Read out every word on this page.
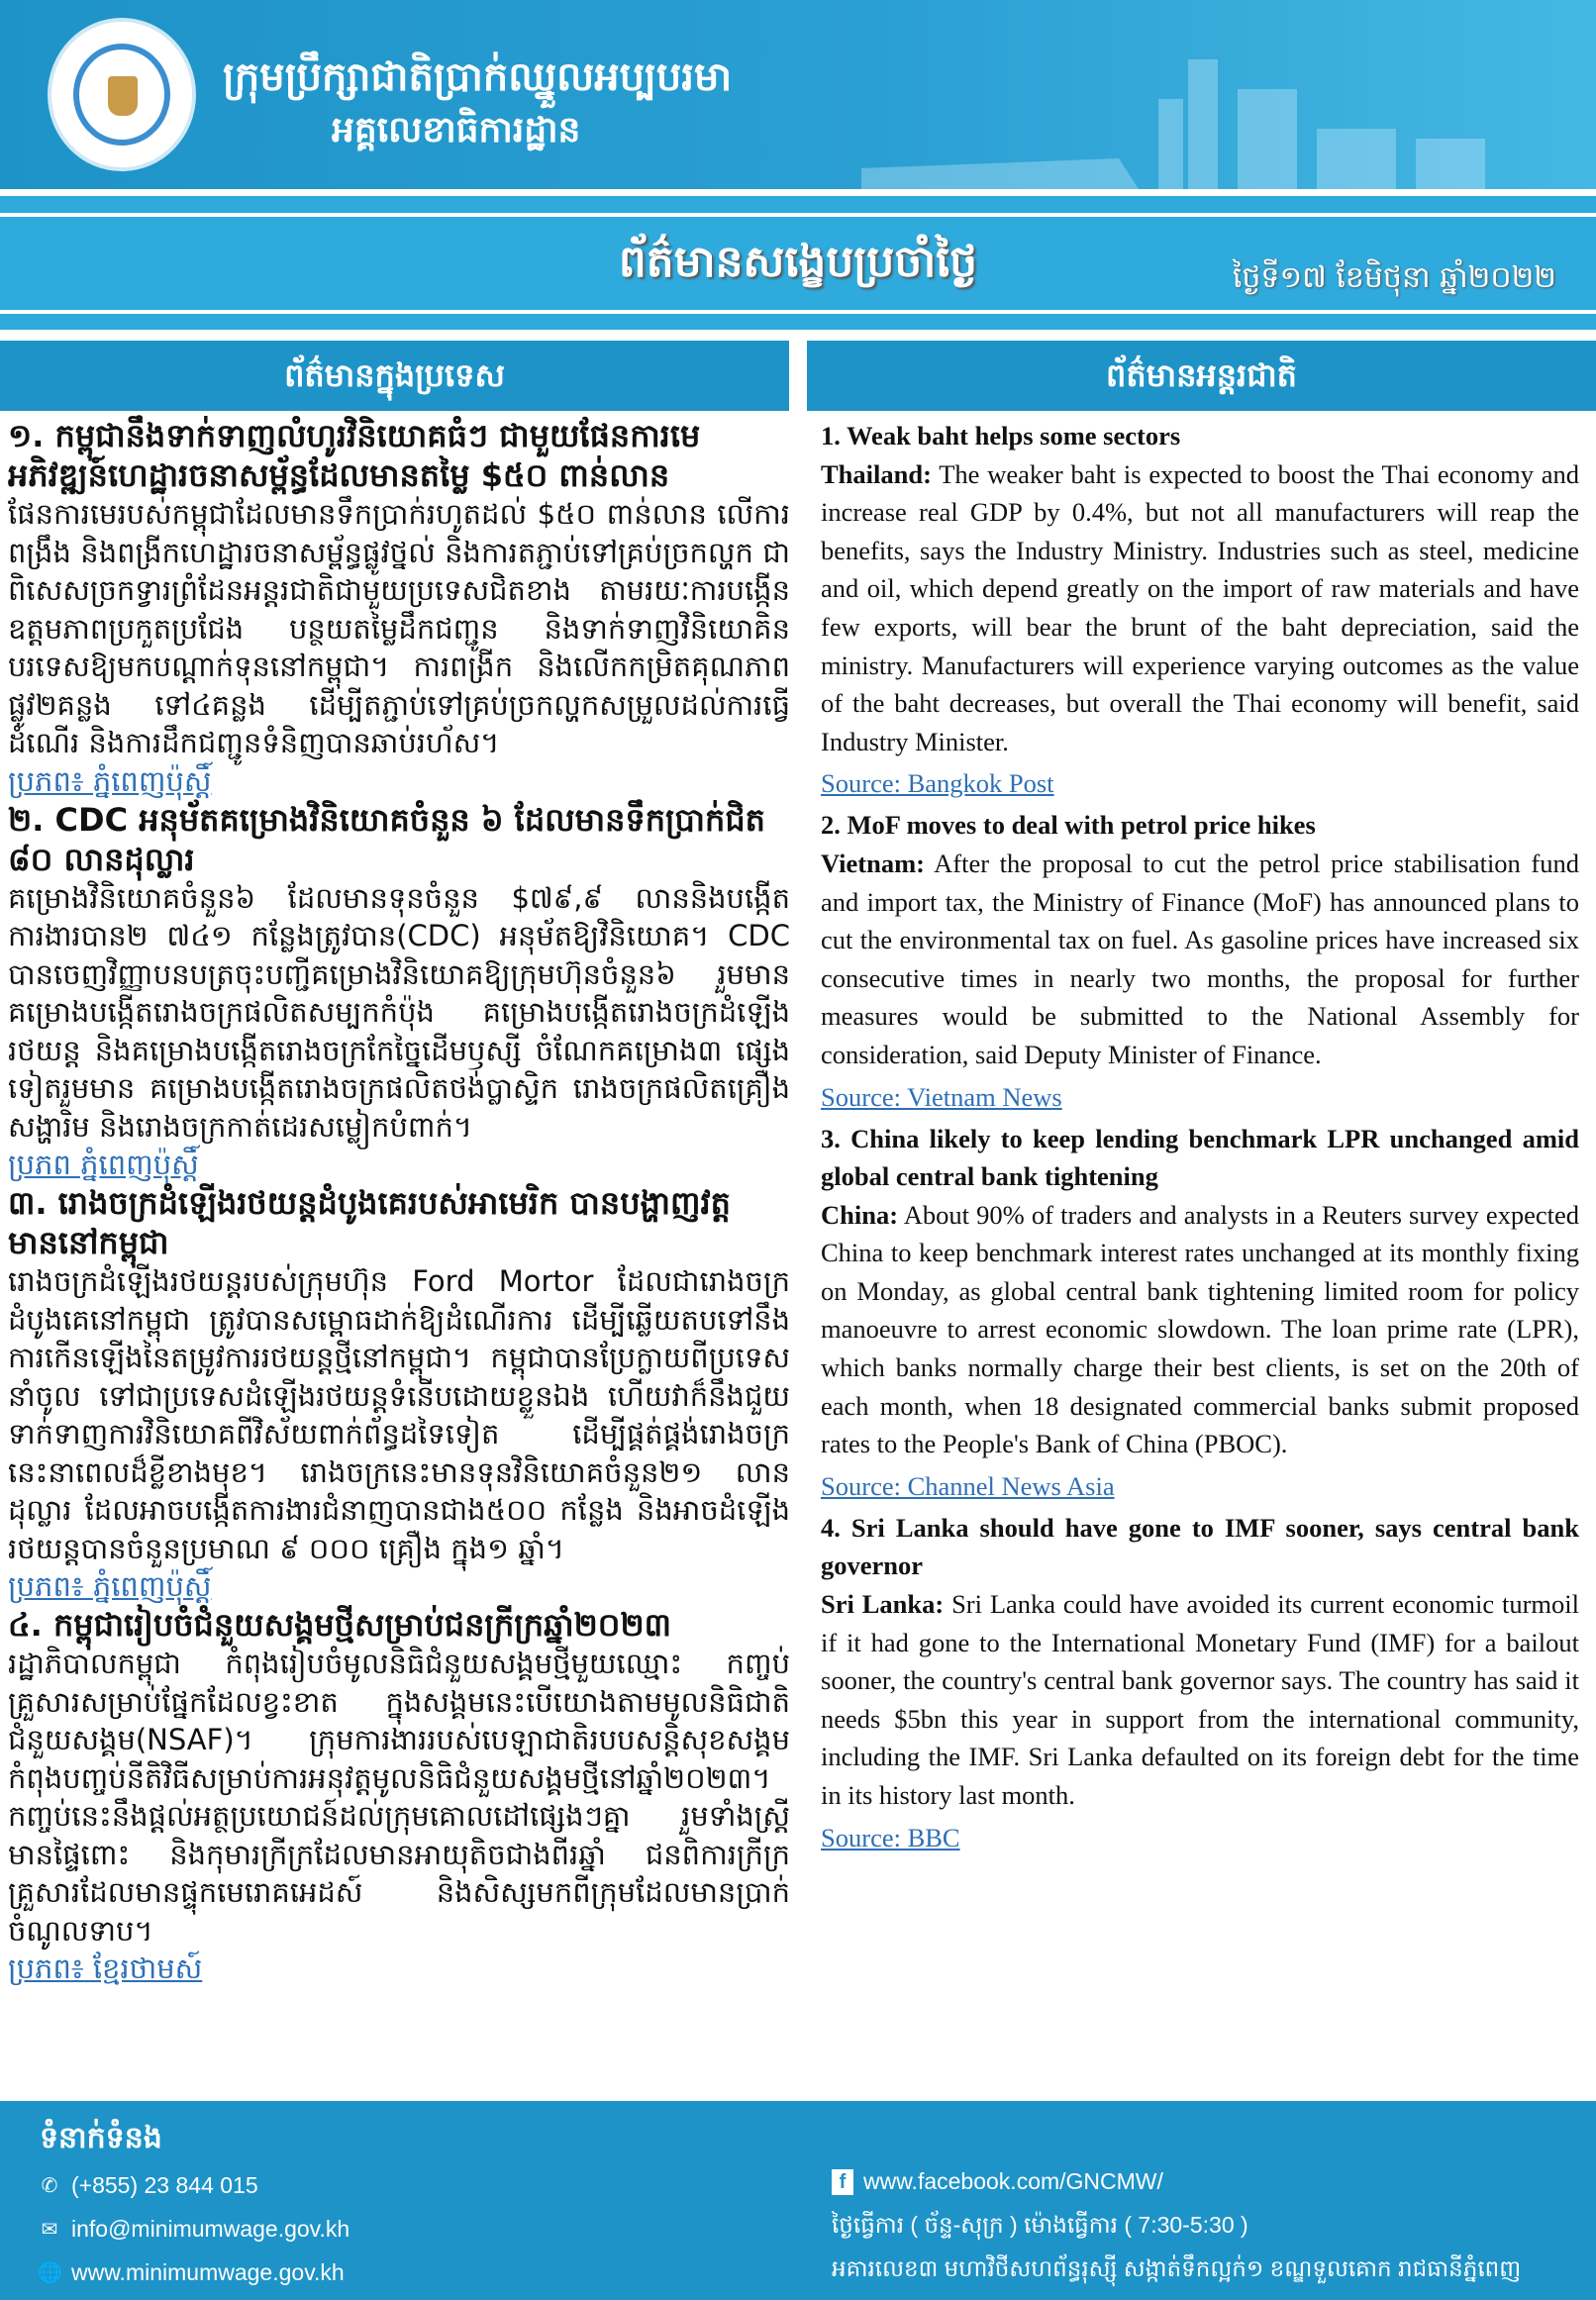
ក្រុមប្រឹក្សាជាតិប្រាក់ឈ្នួលអប្បបរមា
អគ្គលេខាធិការដ្ឋាន
ព័ត៌មានសង្ខេបប្រចាំថ្ងៃ	ថ្ងៃទី១៧ ខែមិថុនា ឆ្នាំ២០២២
ព័ត៌មានក្នុងប្រទេស	ព័ត៌មានអន្តរជាតិ
១. កម្ពុជានឹងទាក់ទាញលំហូរវិនិយោគធំៗ ជាមួយផែនការមេអភិវឌ្ឍន៍ហេដ្ឋារចនាសម្ព័ន្ធដែលមានតម្លៃ $៥០ ពាន់លាន

ផែនការមេរបស់កម្ពុជាដែលមានទឹកប្រាក់រហូតដល់ $៥០ ពាន់លាន លើការពង្រឹង និងពង្រីកហេដ្ឋារចនាសម្ព័ន្ធផ្លូវថ្នល់ និងការតភ្ជាប់ទៅគ្រប់ច្រកល្ហក ជាពិសេសច្រកទ្វារព្រំដែនអន្តរជាតិជាមួយប្រទេសជិតខាង តាមរយៈការបង្កើនឧត្តមភាពប្រកួតប្រជែង បន្ថយតម្លៃដឹកជញ្ជូន និងទាក់ទាញវិនិយោគិនបរទេសឱ្យមកបណ្តាក់ទុននៅកម្ពុជា។ ការពង្រីក និងលើកកម្រិតគុណភាពផ្លូវ២គន្លង ទៅ៤គន្លង ដើម្បីតភ្ជាប់ទៅគ្រប់ច្រកល្ហកសម្រួលដល់ការធ្វើដំណើរ និងការដឹកជញ្ជូនទំនិញបានឆាប់រហ័ស។

ប្រភព៖ ភ្នំពេញប៉ុស្តិ៍
២. CDC អនុម័តគម្រោងវិនិយោគចំនួន ៦ ដែលមានទឹកប្រាក់ជិត ៨០ លានដុល្លារ

គម្រោងវិនិយោគចំនួន៦ ដែលមានទុនចំនួន $៧៩,៩ លាននិងបង្កើតការងារបាន២ ៧៤១ កន្លែងត្រូវបាន(CDC) អនុម័តឱ្យវិនិយោគ។ CDC បានចេញវិញ្ញាបនបត្រចុះបញ្ជីគម្រោងវិនិយោគឱ្យក្រុមហ៊ុនចំនួន៦ រួមមាន គម្រោងបង្កើតរោងចក្រផលិតសម្បកកំប៉ុង គម្រោងបង្កើតរោងចក្រដំឡើងរថយន្ត និងគម្រោងបង្កើតរោងចក្រកែច្នៃដើមឫស្សី ចំណែកគម្រោង៣ ផ្សេងទៀតរួមមាន គម្រោងបង្កើតរោងចក្រផលិតថង់ប្លាស្ទិក រោងចក្រផលិតគ្រឿងសង្ហារិម និងរោងចក្រកាត់ដេរសម្លៀកបំពាក់។

ប្រភព ភ្នំពេញប៉ុស្តិ៍
៣. រោងចក្រដំឡើងរថយន្តដំបូងគេរបស់អាមេរិក បានបង្ហាញវត្តមាននៅកម្ពុជា

រោងចក្រដំឡើងរថយន្តរបស់ក្រុមហ៊ុន Ford Mortor ដែលជារោងចក្រដំបូងគេនៅកម្ពុជា ត្រូវបានសម្ពោធដាក់ឱ្យដំណើរការ ដើម្បីឆ្លើយតបទៅនឹងការកើនឡើងនៃតម្រូវការរថយន្តថ្មីនៅកម្ពុជា។ កម្ពុជាបានប្រែក្លាយពីប្រទេសនាំចូល ទៅជាប្រទេសដំឡើងរថយន្តទំនើបដោយខ្លួនឯង ហើយវាក៏នឹងជួយទាក់ទាញការវិនិយោគពីវិស័យពាក់ព័ន្ធដទៃទៀត ដើម្បីផ្គត់ផ្គង់រោងចក្រនេះនាពេលដ៏ខ្លីខាងមុខ។ រោងចក្រនេះមានទុនវិនិយោគចំនួន២១ លានដុល្លារ ដែលអាចបង្កើតការងារជំនាញបានជាង៥០០ កន្លែង និងអាចដំឡើងរថយន្តបានចំនួនប្រមាណ ៩ ០០០ គ្រឿង ក្នុង១ ឆ្នាំ។

ប្រភព៖ ភ្នំពេញប៉ុស្តិ៍
៤. កម្ពុជារៀបចំជំនួយសង្គមថ្មីសម្រាប់ជនក្រីក្រឆ្នាំ២០២៣

រដ្ឋាភិបាលកម្ពុជា កំពុងរៀបចំមូលនិធិជំនួយសង្គមថ្មីមួយឈ្មោះ កញ្ចប់គ្រួសារសម្រាប់ផ្នែកដែលខ្វះខាត ក្នុងសង្គមនេះបើយោងតាមមូលនិធិជាតិជំនួយសង្គម(NSAF)។ ក្រុមការងាររបស់បេឡាជាតិរបបសន្តិសុខសង្គម កំពុងបញ្ចប់នីតិវិធីសម្រាប់ការអនុវត្តមូលនិធិជំនួយសង្គមថ្មីនៅឆ្នាំ២០២៣។ កញ្ចប់នេះនឹងផ្តល់អត្ថប្រយោជន៍ដល់ក្រុមគោលដៅផ្សេងៗគ្នា រួមទាំងស្ត្រីមានផ្ទៃពោះ និងកុមារក្រីក្រដែលមានអាយុតិចជាងពីរឆ្នាំ ជនពិការក្រីក្រ គ្រួសារដែលមានផ្ទុកមេរោគអេដស៍ និងសិស្សមកពីក្រុមដែលមានប្រាក់ចំណូលទាប។

ប្រភព៖ ខ្មែរថាមស៍
1. Weak baht helps some sectors

Thailand: The weaker baht is expected to boost the Thai economy and increase real GDP by 0.4%, but not all manufacturers will reap the benefits, says the Industry Ministry. Industries such as steel, medicine and oil, which depend greatly on the import of raw materials and have few exports, will bear the brunt of the baht depreciation, said the ministry. Manufacturers will experience varying outcomes as the value of the baht decreases, but overall the Thai economy will benefit, said Industry Minister.

Source: Bangkok Post
2. MoF moves to deal with petrol price hikes

Vietnam: After the proposal to cut the petrol price stabilisation fund and import tax, the Ministry of Finance (MoF) has announced plans to cut the environmental tax on fuel. As gasoline prices have increased six consecutive times in nearly two months, the proposal for further measures would be submitted to the National Assembly for consideration, said Deputy Minister of Finance.

Source: Vietnam News
3. China likely to keep lending benchmark LPR unchanged amid global central bank tightening

China: About 90% of traders and analysts in a Reuters survey expected China to keep benchmark interest rates unchanged at its monthly fixing on Monday, as global central bank tightening limited room for policy manoeuvre to arrest economic slowdown. The loan prime rate (LPR), which banks normally charge their best clients, is set on the 20th of each month, when 18 designated commercial banks submit proposed rates to the People's Bank of China (PBOC).

Source: Channel News Asia
4. Sri Lanka should have gone to IMF sooner, says central bank governor

Sri Lanka: Sri Lanka could have avoided its current economic turmoil if it had gone to the International Monetary Fund (IMF) for a bailout sooner, the country's central bank governor says. The country has said it needs $5bn this year in support from the international community, including the IMF. Sri Lanka defaulted on its foreign debt for the time in its history last month.

Source: BBC
ទំនាក់ទំនង
✆ (+855) 23 844 015
✉ info@minimumwage.gov.kh
🌐 www.minimumwage.gov.kh
f www.facebook.com/GNCMW/
ថ្ងៃធ្វើការ ( ច័ន្ទ-សុក្រ ) ម៉ោងធ្វើការ ( 7:30-5:30 )
អគារលេខ៣ មហាវិថីសហព័ន្ធរុស្ស៊ី សង្កាត់ទឹកល្អក់១ ខណ្ឌទួលគោក រាជធានីភ្នំពេញ
